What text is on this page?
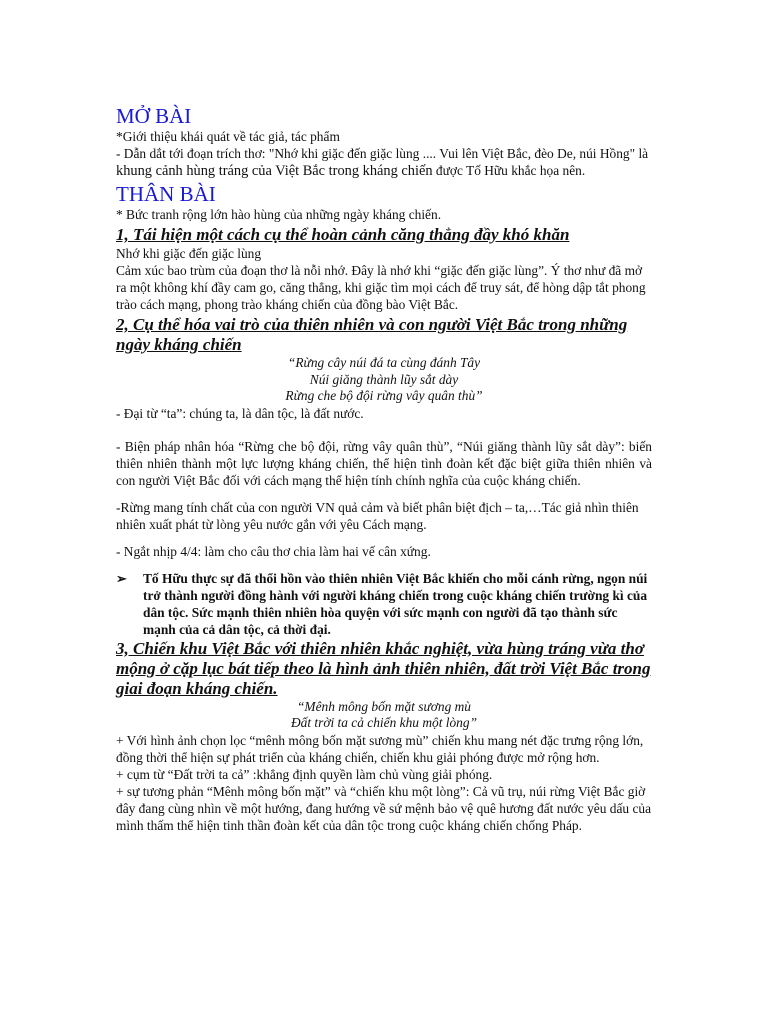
MỞ BÀI

*Giới thiệu khái quát về tác giả, tác phẩm

- Dẫn dắt tới đoạn trích thơ: "Nhớ khi giặc đến giặc lùng .... Vui lên Việt Bắc, đèo De, núi Hồng" là khung cảnh hùng tráng của Việt Bắc trong kháng chiến được Tố Hữu khắc họa nên.

THÂN BÀI

* Bức tranh rộng lớn hào hùng của những ngày kháng chiến.

1, Tái hiện một cách cụ thể hoàn cảnh căng thẳng đầy khó khăn

Nhớ khi giặc đến giặc lùng

Cảm xúc bao trùm của đoạn thơ là nỗi nhớ. Đây là nhớ khi “giặc đến giặc lùng”. Ý thơ như đã mở ra một không khí đầy cam go, căng thẳng, khi giặc tìm mọi cách để truy sát, để hòng dập tắt phong trào cách mạng, phong trào kháng chiến của đồng bào Việt Bắc.

2, Cụ thể hóa vai trò của thiên nhiên và con người Việt Bắc trong những ngày kháng chiến

“Rừng cây núi đá ta cùng đánh Tây

Núi giăng thành lũy sắt dày

Rừng che bộ đội rừng vây quân thù”

- Đại từ “ta”: chúng ta, là dân tộc, là đất nước.

- Biện pháp nhân hóa “Rừng che bộ đội, rừng vây quân thù”, “Núi giăng thành lũy sắt dày”: biến thiên nhiên thành một lực lượng kháng chiến, thể hiện tình đoàn kết đặc biệt giữa thiên nhiên và con người Việt Bắc đối với cách mạng thể hiện tính chính nghĩa của cuộc kháng chiến.

-Rừng mang tính chất của con người VN quả cảm và biết phân biệt địch – ta,…Tác giả nhìn thiên nhiên xuất phát từ lòng yêu nước gắn với yêu Cách mạng.

- Ngắt nhịp 4/4: làm cho câu thơ chia làm hai vế cân xứng.

➢ Tố Hữu thực sự đã thổi hồn vào thiên nhiên Việt Bắc khiến cho mỗi cánh rừng, ngọn núi trở thành người đồng hành với người kháng chiến trong cuộc kháng chiến trường kì của dân tộc. Sức mạnh thiên nhiên hòa quyện với sức mạnh con người đã tạo thành sức mạnh của cả dân tộc, cả thời đại.

3, Chiến khu Việt Bắc với thiên nhiên khắc nghiệt, vừa hùng tráng vừa thơ mộng ở cặp lục bát tiếp theo là hình ảnh thiên nhiên, đất trời Việt Bắc trong giai đoạn kháng chiến.

“Mênh mông bốn mặt sương mù

Đất trời ta cả chiến khu một lòng”

+ Với hình ảnh chọn lọc “mênh mông bốn mặt sương mù” chiến khu mang nét đặc trưng rộng lớn, đồng thời thể hiện sự phát triển của kháng chiến, chiến khu giải phóng được mở rộng hơn.

+ cụm từ “Đất trời ta cả” :khẳng định quyền làm chủ vùng giải phóng.

+ sự tương phản “Mênh mông bốn mặt” và “chiến khu một lòng”: Cả vũ trụ, núi rừng Việt Bắc giờ đây đang cùng nhìn về một hướng, đang hướng về sứ mệnh bảo vệ quê hương đất nước yêu dấu của mình thấm thể hiện tinh thần đoàn kết của dân tộc trong cuộc kháng chiến chống Pháp.
